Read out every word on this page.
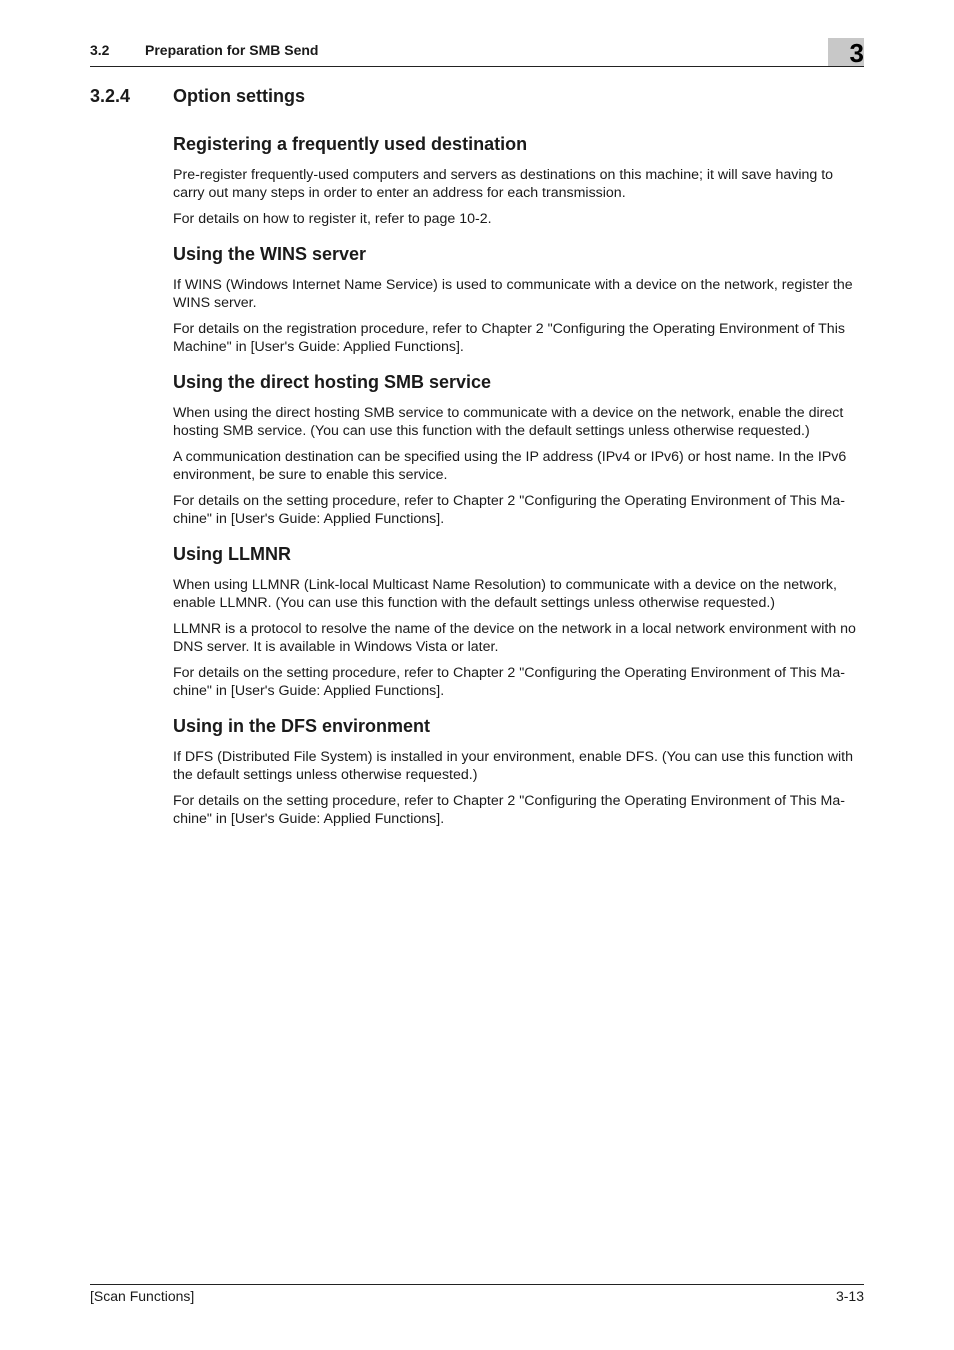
3.2	Preparation for SMB Send	3
3.2.4 Option settings
Registering a frequently used destination

Pre-register frequently-used computers and servers as destinations on this machine; it will save having to carry out many steps in order to enter an address for each transmission.

For details on how to register it, refer to page 10-2.

Using the WINS server

If WINS (Windows Internet Name Service) is used to communicate with a device on the network, register the WINS server.

For details on the registration procedure, refer to Chapter 2 "Configuring the Operating Environment of This Machine" in [User's Guide: Applied Functions].

Using the direct hosting SMB service

When using the direct hosting SMB service to communicate with a device on the network, enable the direct hosting SMB service. (You can use this function with the default settings unless otherwise requested.)

A communication destination can be specified using the IP address (IPv4 or IPv6) or host name. In the IPv6 environment, be sure to enable this service.

For details on the setting procedure, refer to Chapter 2 "Configuring the Operating Environment of This Ma-chine" in [User's Guide: Applied Functions].

Using LLMNR

When using LLMNR (Link-local Multicast Name Resolution) to communicate with a device on the network, enable LLMNR. (You can use this function with the default settings unless otherwise requested.)

LLMNR is a protocol to resolve the name of the device on the network in a local network environment with no DNS server. It is available in Windows Vista or later.

For details on the setting procedure, refer to Chapter 2 "Configuring the Operating Environment of This Ma-chine" in [User's Guide: Applied Functions].

Using in the DFS environment

If DFS (Distributed File System) is installed in your environment, enable DFS. (You can use this function with the default settings unless otherwise requested.)

For details on the setting procedure, refer to Chapter 2 "Configuring the Operating Environment of This Ma-chine" in [User's Guide: Applied Functions].

[Scan Functions]	3-13
